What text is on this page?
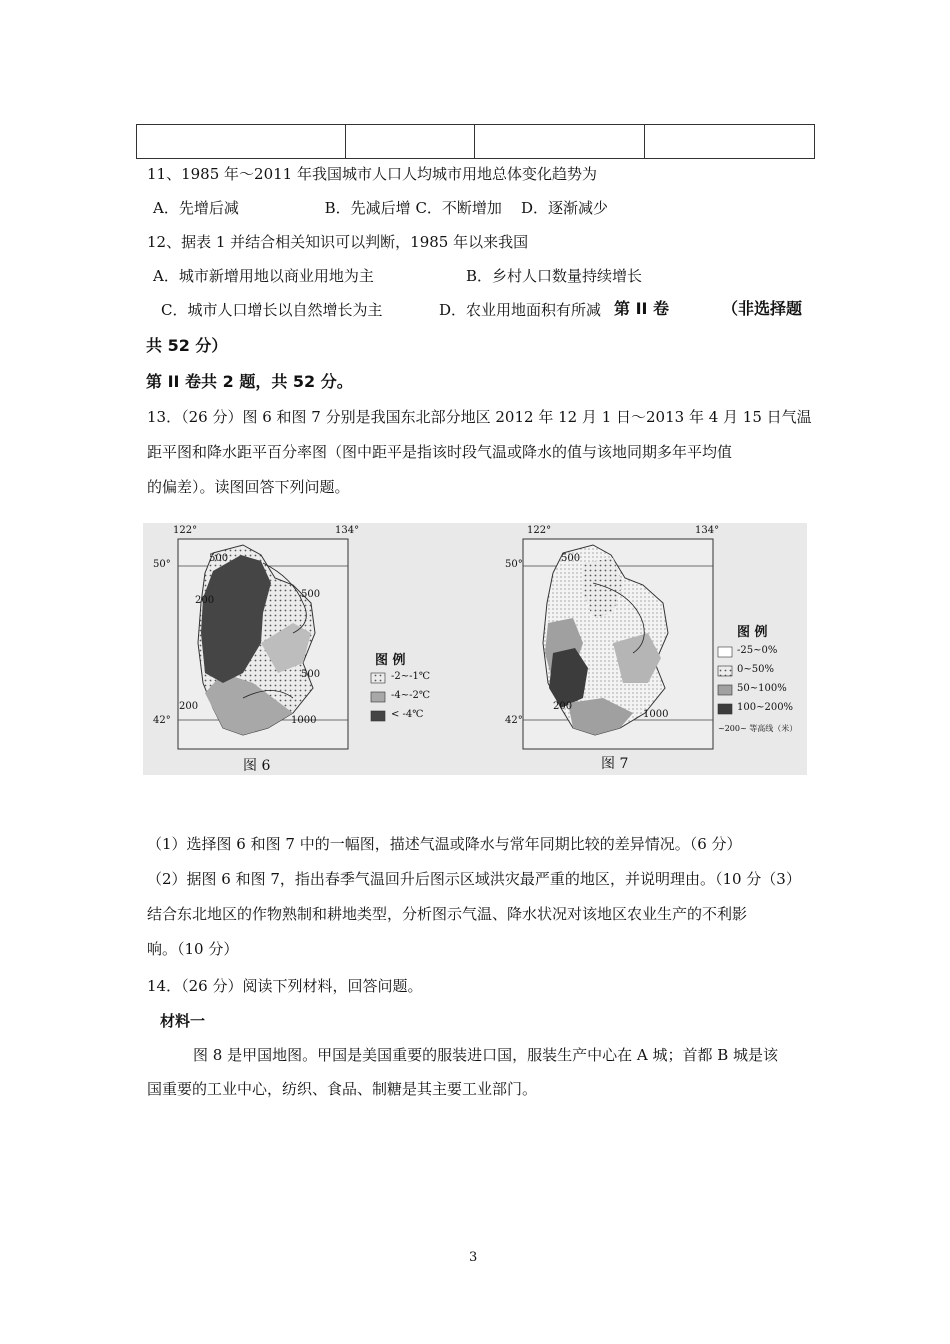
11、1985 年～2011 年我国城市人口人均城市用地总体变化趋势为
A．先增后减                  B．先减后增 C．不断增加    D．逐渐减少
12、据表 1 并结合相关知识可以判断，1985 年以来我国
A．城市新增用地以商业用地为主	B．乡村人口数量持续增长
C．城市人口增长以自然增长为主	D．农业用地面积有所减 第 II 卷	（非选择题
共 52 分）
第 II 卷共 2 题，共 52 分。
13．（26 分）图 6 和图 7 分别是我国东北部分地区 2012 年 12 月 1 日～2013 年 4 月 15 日气温
距平图和降水距平百分率图（图中距平是指该时段气温或降水的值与该地同期多年平均值
的偏差）。读图回答下列问题。
122°	134°
50°
42°
500
200
500
500
200
1000
图 例
-2~-1℃
-4~-2℃
< -4℃
图 6
122°	134°
50°
42°
500
200
1000
图 例
-25~0%
0~50%
50~100%
100~200%
~200~ 等高线（米）
图 7
（1）选择图 6 和图 7 中的一幅图，描述气温或降水与常年同期比较的差异情况。（6 分）
（2）据图 6 和图 7，指出春季气温回升后图示区域洪灾最严重的地区，并说明理由。（10 分（3）
结合东北地区的作物熟制和耕地类型，分析图示气温、降水状况对该地区农业生产的不利影
响。（10 分）
14．（26 分）阅读下列材料，回答问题。
材料一
图 8 是甲国地图。甲国是美国重要的服装进口国，服装生产中心在 A 城；首都 B 城是该
国重要的工业中心，纺织、食品、制糖是其主要工业部门。
3
